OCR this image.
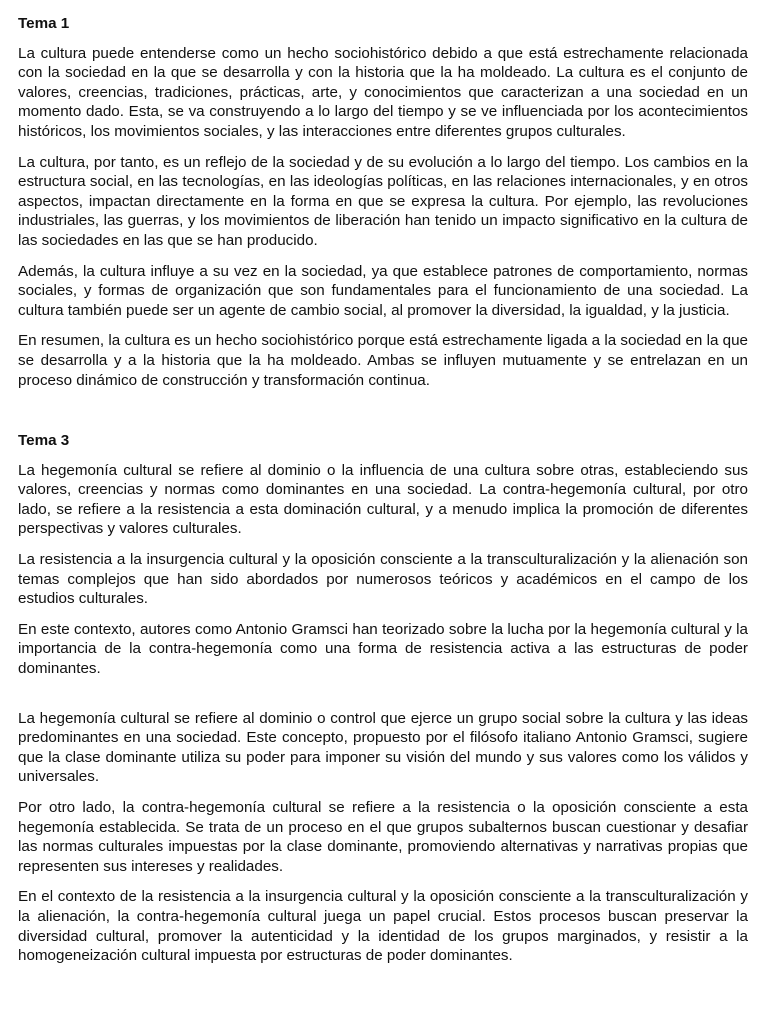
Tema 1

La cultura puede entenderse como un hecho sociohistórico debido a que está estrechamente relacionada con la sociedad en la que se desarrolla y con la historia que la ha moldeado. La cultura es el conjunto de valores, creencias, tradiciones, prácticas, arte, y conocimientos que caracterizan a una sociedad en un momento dado. Esta, se va construyendo a lo largo del tiempo y se ve influenciada por los acontecimientos históricos, los movimientos sociales, y las interacciones entre diferentes grupos culturales.

La cultura, por tanto, es un reflejo de la sociedad y de su evolución a lo largo del tiempo. Los cambios en la estructura social, en las tecnologías, en las ideologías políticas, en las relaciones internacionales, y en otros aspectos, impactan directamente en la forma en que se expresa la cultura. Por ejemplo, las revoluciones industriales, las guerras, y los movimientos de liberación han tenido un impacto significativo en la cultura de las sociedades en las que se han producido.

Además, la cultura influye a su vez en la sociedad, ya que establece patrones de comportamiento, normas sociales, y formas de organización que son fundamentales para el funcionamiento de una sociedad. La cultura también puede ser un agente de cambio social, al promover la diversidad, la igualdad, y la justicia.

En resumen, la cultura es un hecho sociohistórico porque está estrechamente ligada a la sociedad en la que se desarrolla y a la historia que la ha moldeado. Ambas se influyen mutuamente y se entrelazan en un proceso dinámico de construcción y transformación continua.

Tema 3

La hegemonía cultural se refiere al dominio o la influencia de una cultura sobre otras, estableciendo sus valores, creencias y normas como dominantes en una sociedad. La contra-hegemonía cultural, por otro lado, se refiere a la resistencia a esta dominación cultural, y a menudo implica la promoción de diferentes perspectivas y valores culturales.

La resistencia a la insurgencia cultural y la oposición consciente a la transculturalización y la alienación son temas complejos que han sido abordados por numerosos teóricos y académicos en el campo de los estudios culturales.

En este contexto, autores como Antonio Gramsci han teorizado sobre la lucha por la hegemonía cultural y la importancia de la contra-hegemonía como una forma de resistencia activa a las estructuras de poder dominantes.

La hegemonía cultural se refiere al dominio o control que ejerce un grupo social sobre la cultura y las ideas predominantes en una sociedad. Este concepto, propuesto por el filósofo italiano Antonio Gramsci, sugiere que la clase dominante utiliza su poder para imponer su visión del mundo y sus valores como los válidos y universales.

Por otro lado, la contra-hegemonía cultural se refiere a la resistencia o la oposición consciente a esta hegemonía establecida. Se trata de un proceso en el que grupos subalternos buscan cuestionar y desafiar las normas culturales impuestas por la clase dominante, promoviendo alternativas y narrativas propias que representen sus intereses y realidades.

En el contexto de la resistencia a la insurgencia cultural y la oposición consciente a la transculturalización y la alienación, la contra-hegemonía cultural juega un papel crucial. Estos procesos buscan preservar la diversidad cultural, promover la autenticidad y la identidad de los grupos marginados, y resistir a la homogeneización cultural impuesta por estructuras de poder dominantes.
